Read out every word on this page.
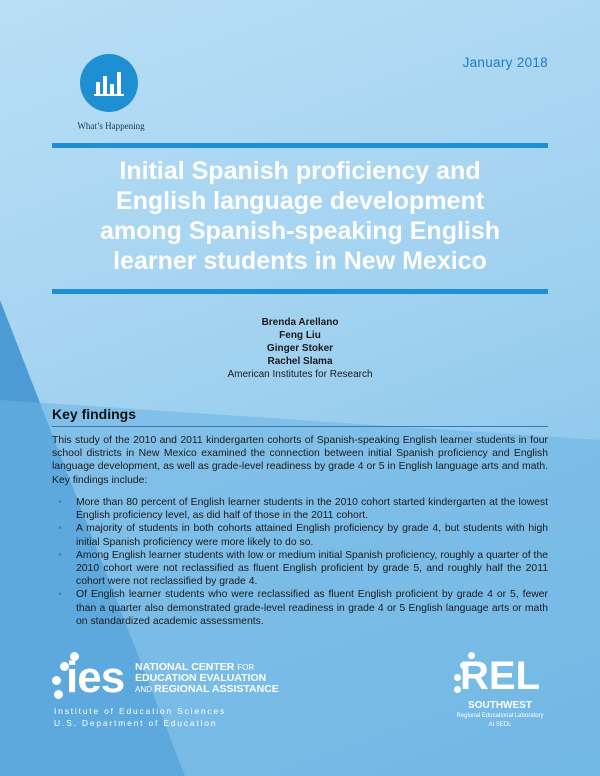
What’s Happening
January 2018
Initial Spanish proficiency and
English language development
among Spanish-speaking English
learner students in New Mexico
Brenda Arellano
Feng Liu
Ginger Stoker
Rachel Slama
American Institutes for Research
Key findings

This study of the 2010 and 2011 kindergarten cohorts of Spanish-speaking English learner students in four school districts in New Mexico examined the connection between initial Spanish proficiency and English language development, as well as grade-level readiness by grade 4 or 5 in English language arts and math. Key findings include:

• More than 80 percent of English learner students in the 2010 cohort started kindergarten at the lowest English proficiency level, as did half of those in the 2011 cohort.
• A majority of students in both cohorts attained English proficiency by grade 4, but students with high initial Spanish proficiency were more likely to do so.
• Among English learner students with low or medium initial Spanish proficiency, roughly a quarter of the 2010 cohort were not reclassified as fluent English proficient by grade 5, and roughly half the 2011 cohort were not reclassified by grade 4.
• Of English learner students who were reclassified as fluent English proficient by grade 4 or 5, fewer than a quarter also demonstrated grade-level readiness in grade 4 or 5 English language arts or math on standardized academic assessments.
ies NATIONAL CENTER FOR
EDUCATION EVALUATION
AND REGIONAL ASSISTANCE
Institute of Education Sciences
U.S. Department of Education
REL
SOUTHWEST
Regional Educational Laboratory
At SEDL
